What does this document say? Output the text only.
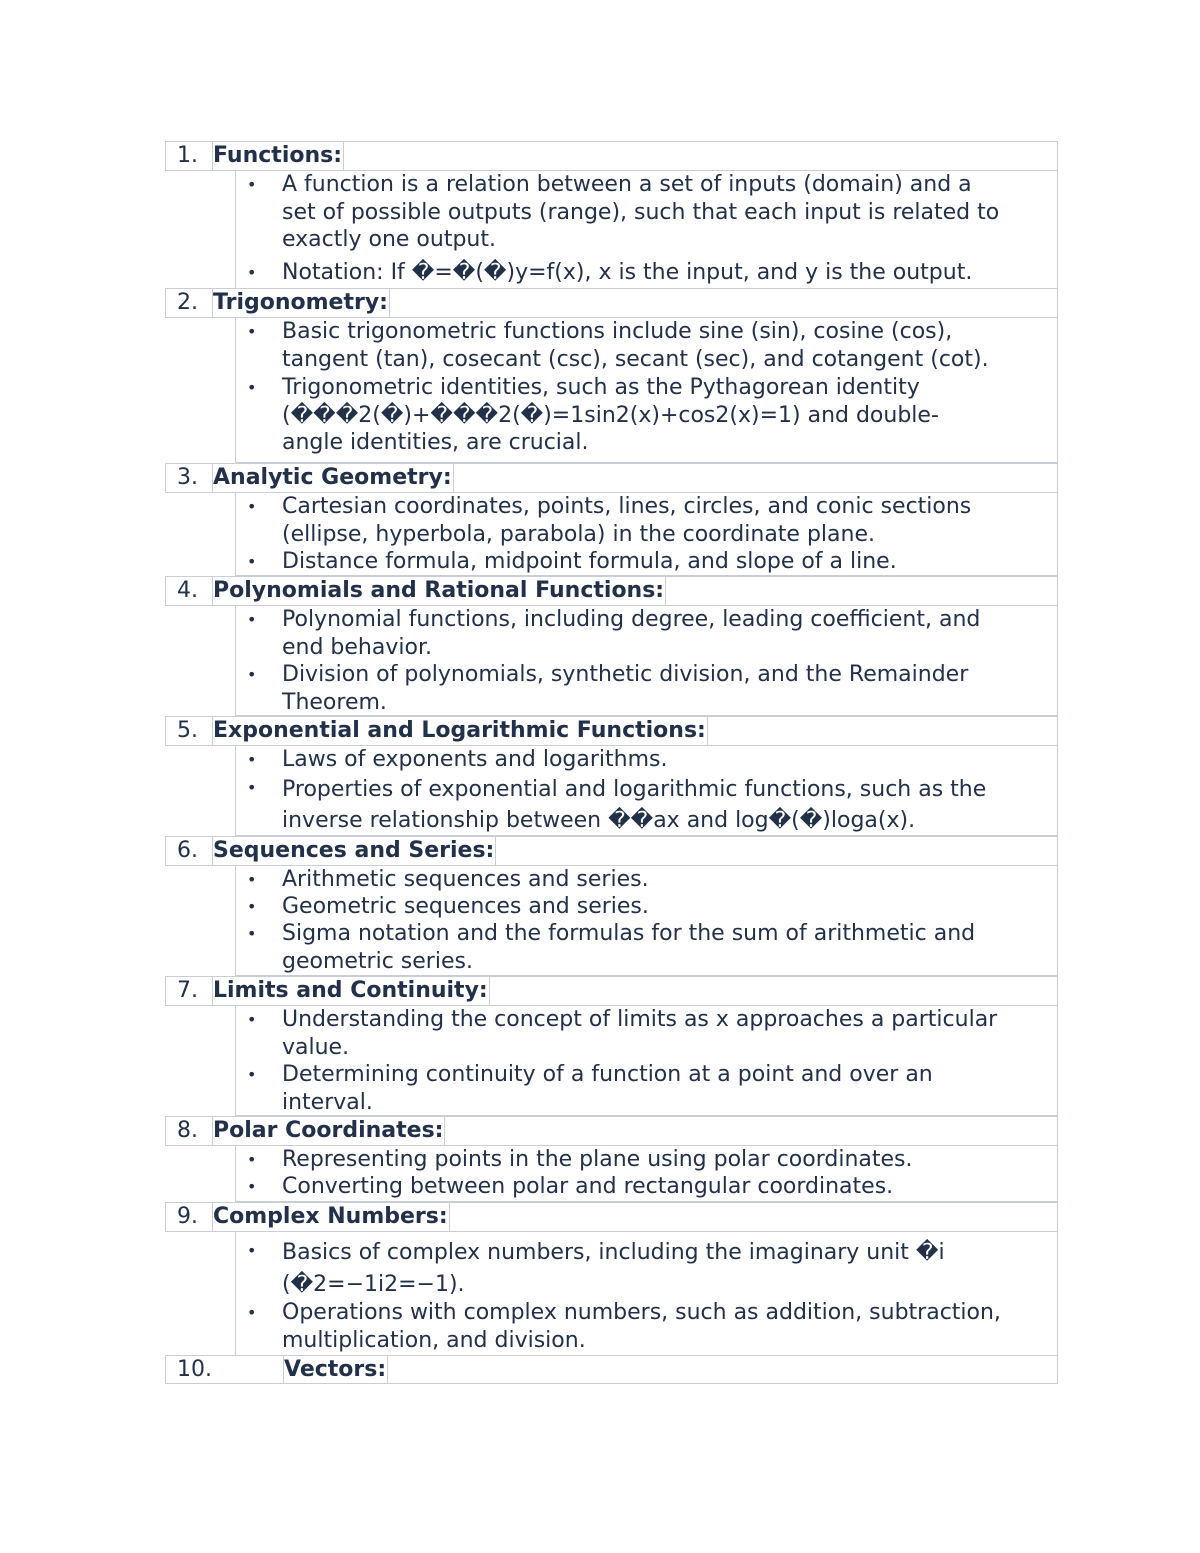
1. Functions:
• A function is a relation between a set of inputs (domain) and a
set of possible outputs (range), such that each input is related to
exactly one output.
• Notation: If �=�(�)y=f(x), x is the input, and y is the output.
2. Trigonometry:
• Basic trigonometric functions include sine (sin), cosine (cos),
tangent (tan), cosecant (csc), secant (sec), and cotangent (cot).
• Trigonometric identities, such as the Pythagorean identity
(���2(�)+���2(�)=1sin2(x)+cos2(x)=1) and double-
angle identities, are crucial.
3. Analytic Geometry:
• Cartesian coordinates, points, lines, circles, and conic sections
(ellipse, hyperbola, parabola) in the coordinate plane.
• Distance formula, midpoint formula, and slope of a line.
4. Polynomials and Rational Functions:
• Polynomial functions, including degree, leading coefficient, and
end behavior.
• Division of polynomials, synthetic division, and the Remainder
Theorem.
5. Exponential and Logarithmic Functions:
• Laws of exponents and logarithms.
• Properties of exponential and logarithmic functions, such as the
inverse relationship between ��ax and log�(�)loga(x).
6. Sequences and Series:
• Arithmetic sequences and series.
• Geometric sequences and series.
• Sigma notation and the formulas for the sum of arithmetic and
geometric series.
7. Limits and Continuity:
• Understanding the concept of limits as x approaches a particular
value.
• Determining continuity of a function at a point and over an
interval.
8. Polar Coordinates:
• Representing points in the plane using polar coordinates.
• Converting between polar and rectangular coordinates.
9. Complex Numbers:
• Basics of complex numbers, including the imaginary unit �i
(�2=−1i2=−1).
• Operations with complex numbers, such as addition, subtraction,
multiplication, and division.
10.	Vectors:
